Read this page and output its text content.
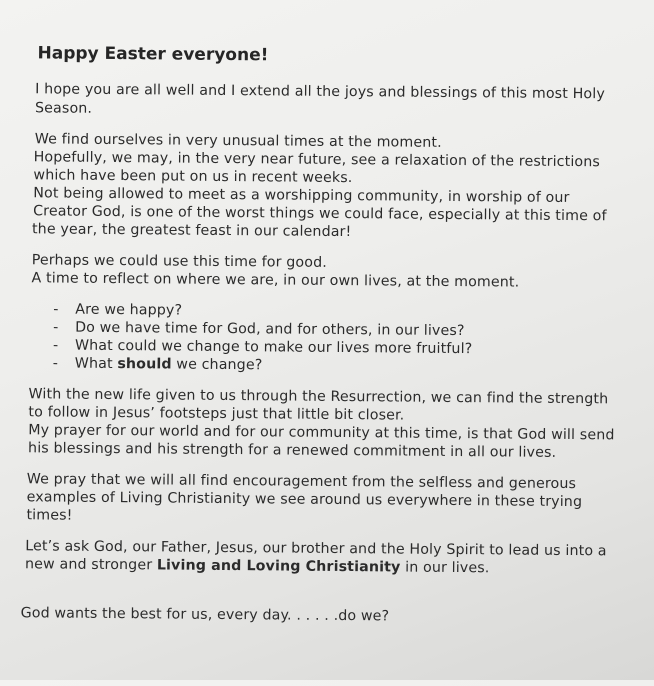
Happy Easter everyone!
I hope you are all well and I extend all the joys and blessings of this most Holy
Season.
We find ourselves in very unusual times at the moment.
Hopefully, we may, in the very near future, see a relaxation of the restrictions
which have been put on us in recent weeks.
Not being allowed to meet as a worshipping community, in worship of our
Creator God, is one of the worst things we could face, especially at this time of
the year, the greatest feast in our calendar!
Perhaps we could use this time for good.
A time to reflect on where we are, in our own lives, at the moment.
- Are we happy?
- Do we have time for God, and for others, in our lives?
- What could we change to make our lives more fruitful?
- What should we change?
With the new life given to us through the Resurrection, we can find the strength
to follow in Jesus’ footsteps just that little bit closer.
My prayer for our world and for our community at this time, is that God will send
his blessings and his strength for a renewed commitment in all our lives.
We pray that we will all find encouragement from the selfless and generous
examples of Living Christianity we see around us everywhere in these trying
times!
Let’s ask God, our Father, Jesus, our brother and the Holy Spirit to lead us into a
new and stronger Living and Loving Christianity in our lives.
God wants the best for us, every day. . . . . .do we?
